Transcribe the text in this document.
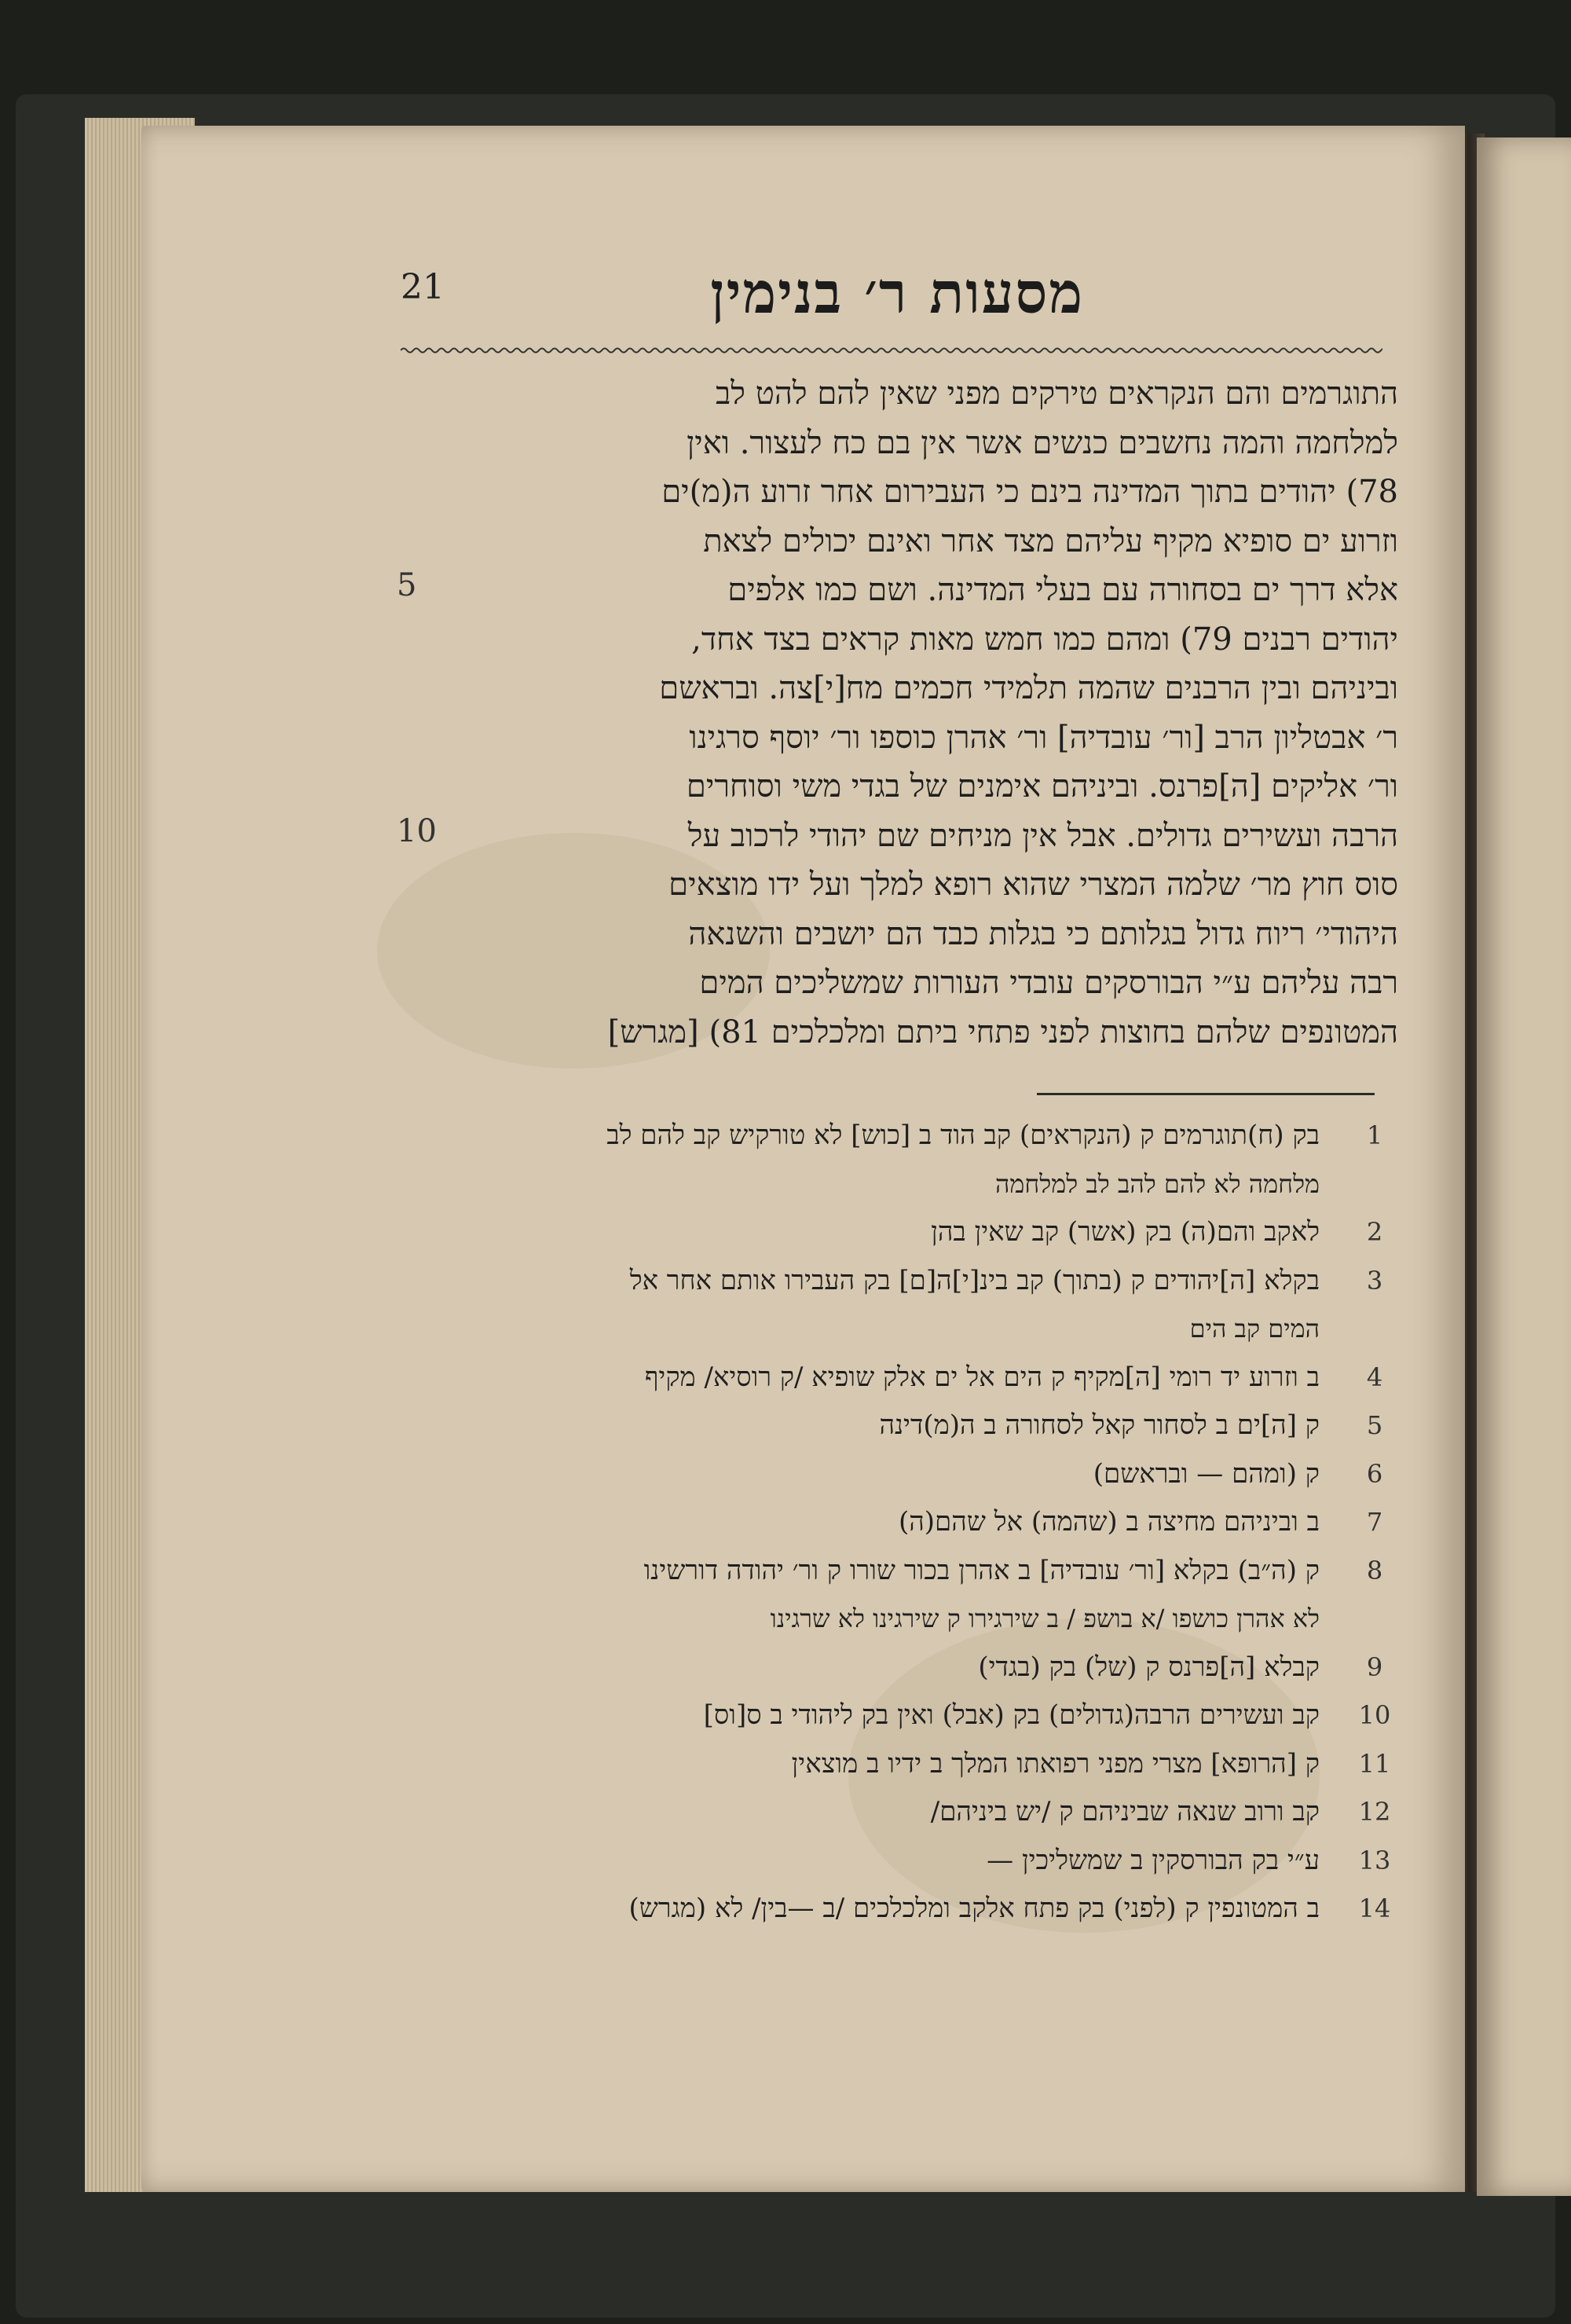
21	מסעות ר׳ בנימין
התוגרמים והם הנקראים טירקים מפני שאין להם להט לב
למלחמה והמה נחשבים כנשים אשר אין בם כח לעצור. ואין
78) יהודים בתוך המדינה בינם כי העבירום אחר זרוע ה(מ)ים
וזרוע ים סופיא מקיף עליהם מצד אחר ואינם יכולים לצאת
אלא דרך ים בסחורה עם בעלי המדינה. ושם כמו אלפים
יהודים רבנים 79) ומהם כמו חמש מאות קראים בצד אחד,
וביניהם ובין הרבנים שהמה תלמידי חכמים מח[י]צה. ובראשם
ר׳ אבטליון הרב [ור׳ עובדיה] ור׳ אהרן כוספו ור׳ יוסף סרגינו
ור׳ אליקים [ה]פרנס. וביניהם אימנים של בגדי משי וסוחרים
הרבה ועשירים גדולים. אבל אין מניחים שם יהודי לרכוב על
סוס חוץ מר׳ שלמה המצרי שהוא רופא למלך ועל ידו מוצאים
היהודי׳ ריוח גדול בגלותם כי בגלות כבד הם יושבים והשנאה
רבה עליהם ע״י הבורסקים עובדי העורות שמשליכים המים
המטונפים שלהם בחוצות לפני פתחי ביתם ומלכלכים 81) [מגרש]
5
10
1
בק (ח)תוגרמים ק (הנקראים) קב הוד ב [כוש] לא טורקיש קב להם לב
מלחמה לא להם להב לב למלחמה
2
לאקב והם(ה) בק (אשר) קב שאין בהן
3
בקלא [ה]יהודים ק (בתוך) קב בינ[י]ה[ם] בק העבירו אותם אחר אל
המים קב הים
4
ב וזרוע יד רומי [ה]מקיף ק הים אל ים אלק שופיא /ק רוסיא/ מקיף
5
ק [ה]ים ב לסחור קאל לסחורה ב ה(מ)דינה
6
ק (ומהם — ובראשם)
7
ב וביניהם מחיצה ב (שהמה) אל שהם(ה)
8
ק (ה״ב) בקלא [ור׳ עובדיה] ב אהרן בכור שורו ק ור׳ יהודה דורשינו
לא אהרן כושפו /א בושפ / ב שירגירו ק שירגינו לא שרגינו
9
קבלא [ה]פרנס ק (של) בק (בגדי)
10
קב ועשירים הרבה(גדולים) בק (אבל) ואין בק ליהודי ב ס[וס]
11
ק [הרופא] מצרי מפני רפואתו המלך ב ידיו ב מוצאין
12
קב ורוב שנאה שביניהם ק /יש ביניהם/
13
ע״י בק הבורסקין ב שמשליכין —
14
ב המטונפין ק (לפני) בק פתח אלקב ומלכלכים /ב —בין/ לא (מגרש)
